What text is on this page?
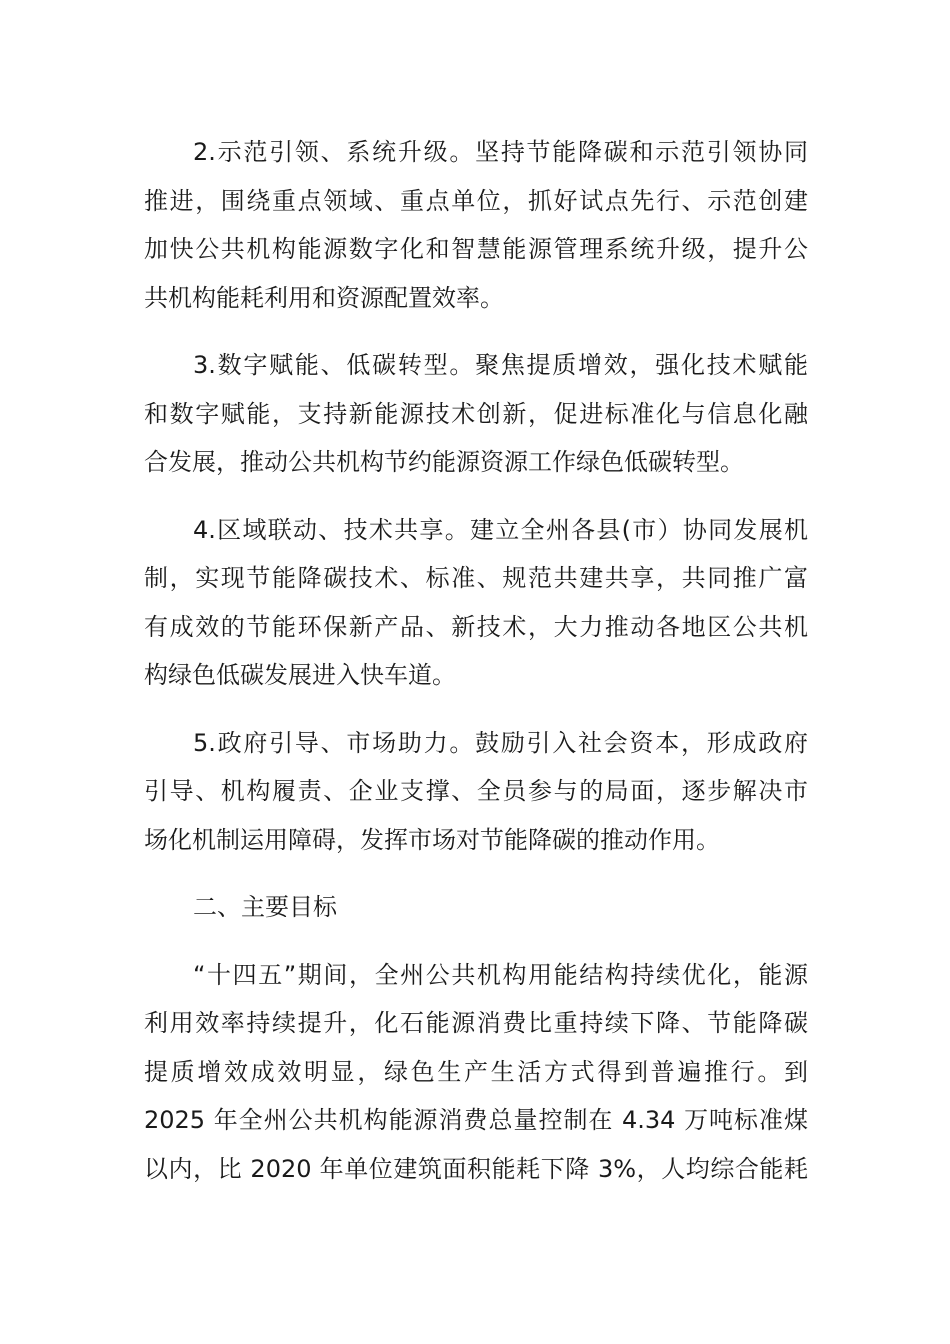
2.示范引领、系统升级。坚持节能降碳和示范引领协同
推进，围绕重点领域、重点单位，抓好试点先行、示范创建
加快公共机构能源数字化和智慧能源管理系统升级，提升公
共机构能耗利用和资源配置效率。
3.数字赋能、低碳转型。聚焦提质增效，强化技术赋能
和数字赋能，支持新能源技术创新，促进标准化与信息化融
合发展，推动公共机构节约能源资源工作绿色低碳转型。
4.区域联动、技术共享。建立全州各县(市）协同发展机
制，实现节能降碳技术、标准、规范共建共享，共同推广富
有成效的节能环保新产品、新技术，大力推动各地区公共机
构绿色低碳发展进入快车道。
5.政府引导、市场助力。鼓励引入社会资本，形成政府
引导、机构履责、企业支撑、全员参与的局面，逐步解决市
场化机制运用障碍，发挥市场对节能降碳的推动作用。
二、主要目标
“十四五”期间，全州公共机构用能结构持续优化，能源
利用效率持续提升，化石能源消费比重持续下降、节能降碳
提质增效成效明显，绿色生产生活方式得到普遍推行。到
2025 年全州公共机构能源消费总量控制在 4.34 万吨标准煤
以内，比 2020 年单位建筑面积能耗下降 3%，人均综合能耗
